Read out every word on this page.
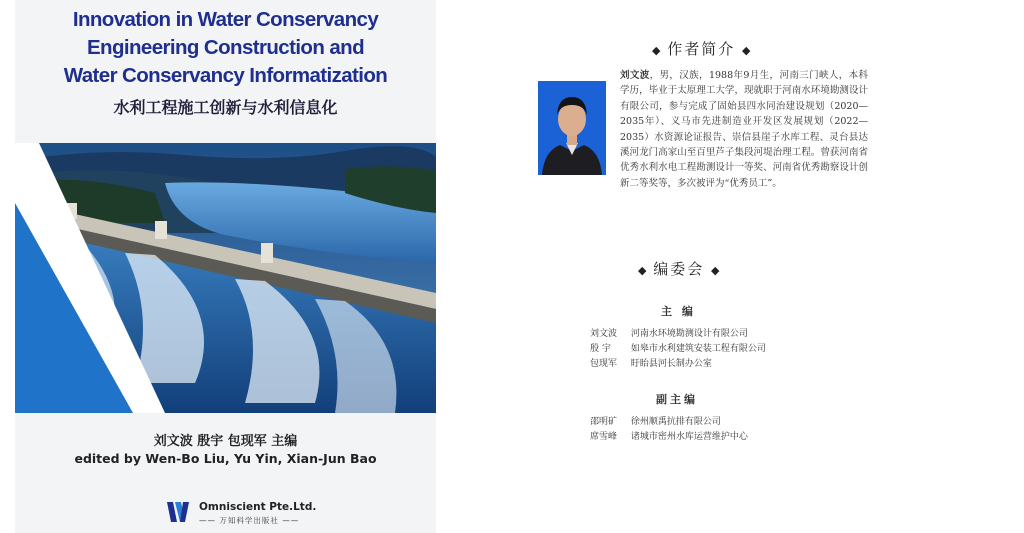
Innovation in Water Conservancy
Engineering Construction and
Water Conservancy Informatization
水利工程施工创新与水利信息化
刘文波 殷宇 包现军 主编
edited by Wen-Bo Liu, Yu Yin, Xian-Jun Bao
Omniscient Pte.Ltd.
—— 万知科学出版社 ——
◆ 作者简介 ◆
刘文波，男，汉族，1988年9月生，河南三门峡人，本科学历，毕业于太原理工大学，现就职于河南水环境勘测设计有限公司，参与完成了固始县四水同治建设规划（2020—2035年）、义马市先进制造业开发区发展规划（2022—2035）水资源论证报告、崇信县崖子水库工程、灵台县达溪河龙门高家山至百里芦子集段河堤治理工程。曾获河南省优秀水利水电工程勘测设计一等奖、河南省优秀勘察设计创新二等奖等，多次被评为“优秀员工”。
◆ 编委会 ◆
主 编
刘文波 河南水环境勘测设计有限公司
殷 宇 如皋市水利建筑安装工程有限公司
包现军 盱眙县河长制办公室
副主编
邵明矿 徐州顺禹抗排有限公司
席雪峰 诸城市密州水库运营维护中心
